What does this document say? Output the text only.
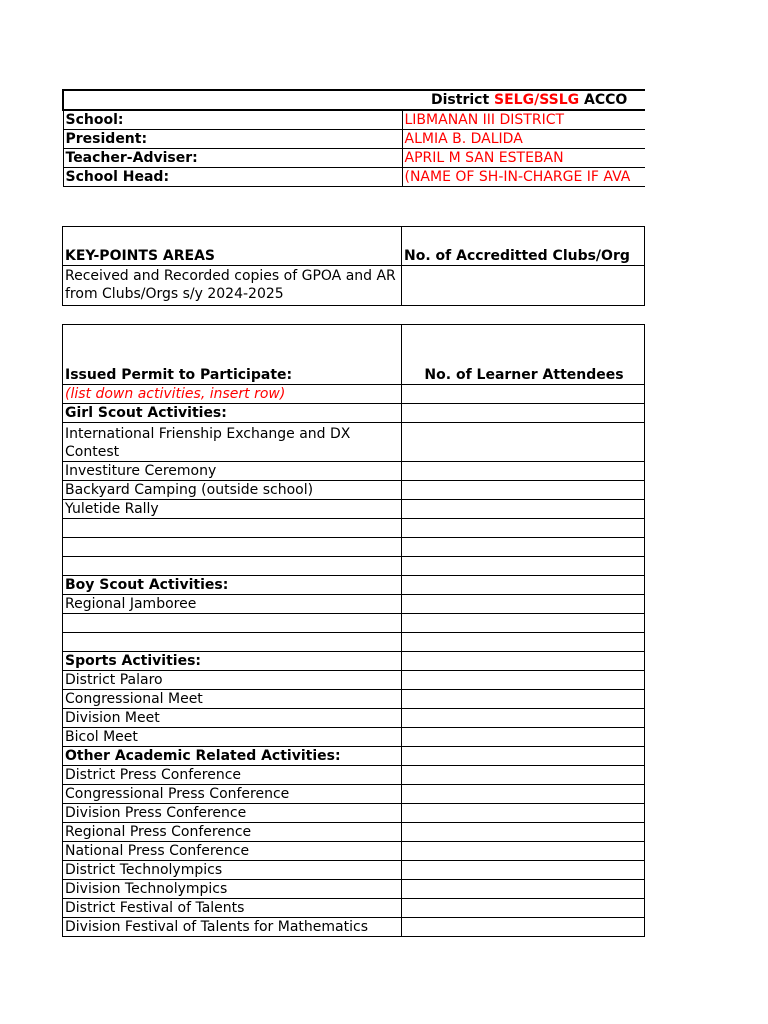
District SELG/SSLG ACCO	
School:	LIBMANAN III DISTRICT
President:	ALMIA B. DALIDA
Teacher-Adviser:	APRIL M SAN ESTEBAN
School Head:	(NAME OF SH-IN-CHARGE IF AVA
KEY-POINTS AREAS	No. of Accreditted Clubs/Org
Received and Recorded copies of GPOA and AR from Clubs/Orgs s/y 2024-2025	
Issued Permit to Participate:	No. of Learner Attendees
(list down activities, insert row)	
Girl Scout Activities:	
International Frienship Exchange and DX Contest	
Investiture Ceremony	
Backyard Camping (outside school)	
Yuletide Rally	

Boy Scout Activities:	
Regional Jamboree	

Sports Activities:	
District Palaro	
Congressional Meet	
Division Meet	
Bicol Meet	
Other Academic Related Activities:	
District Press Conference	
Congressional Press Conference	
Division Press Conference	
Regional Press Conference	
National Press Conference	
District Technolympics	
Division Technolympics	
District Festival of Talents	
Division Festival of Talents for Mathematics	
